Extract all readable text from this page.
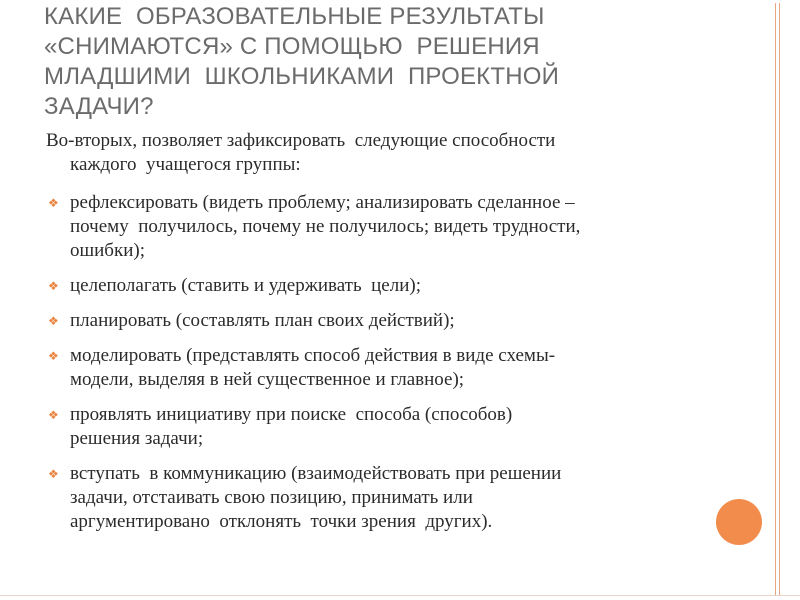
КАКИЕ  ОБРАЗОВАТЕЛЬНЫЕ РЕЗУЛЬТАТЫ
«СНИМАЮТСЯ» С ПОМОЩЬЮ  РЕШЕНИЯ
МЛАДШИМИ  ШКОЛЬНИКАМИ  ПРОЕКТНОЙ
ЗАДАЧИ?

Во-вторых, позволяет зафиксировать  следующие способности
каждого  учащегося группы:

❖ рефлексировать (видеть проблему; анализировать сделанное –
почему  получилось, почему не получилось; видеть трудности,
ошибки);
❖ целеполагать (ставить и удерживать  цели);
❖ планировать (составлять план своих действий);
❖ моделировать (представлять способ действия в виде схемы-
модели, выделяя в ней существенное и главное);
❖ проявлять инициативу при поиске  способа (способов)
решения задачи;
❖ вступать  в коммуникацию (взаимодействовать при решении
задачи, отстаивать свою позицию, принимать или
аргументировано  отклонять  точки зрения  других).
